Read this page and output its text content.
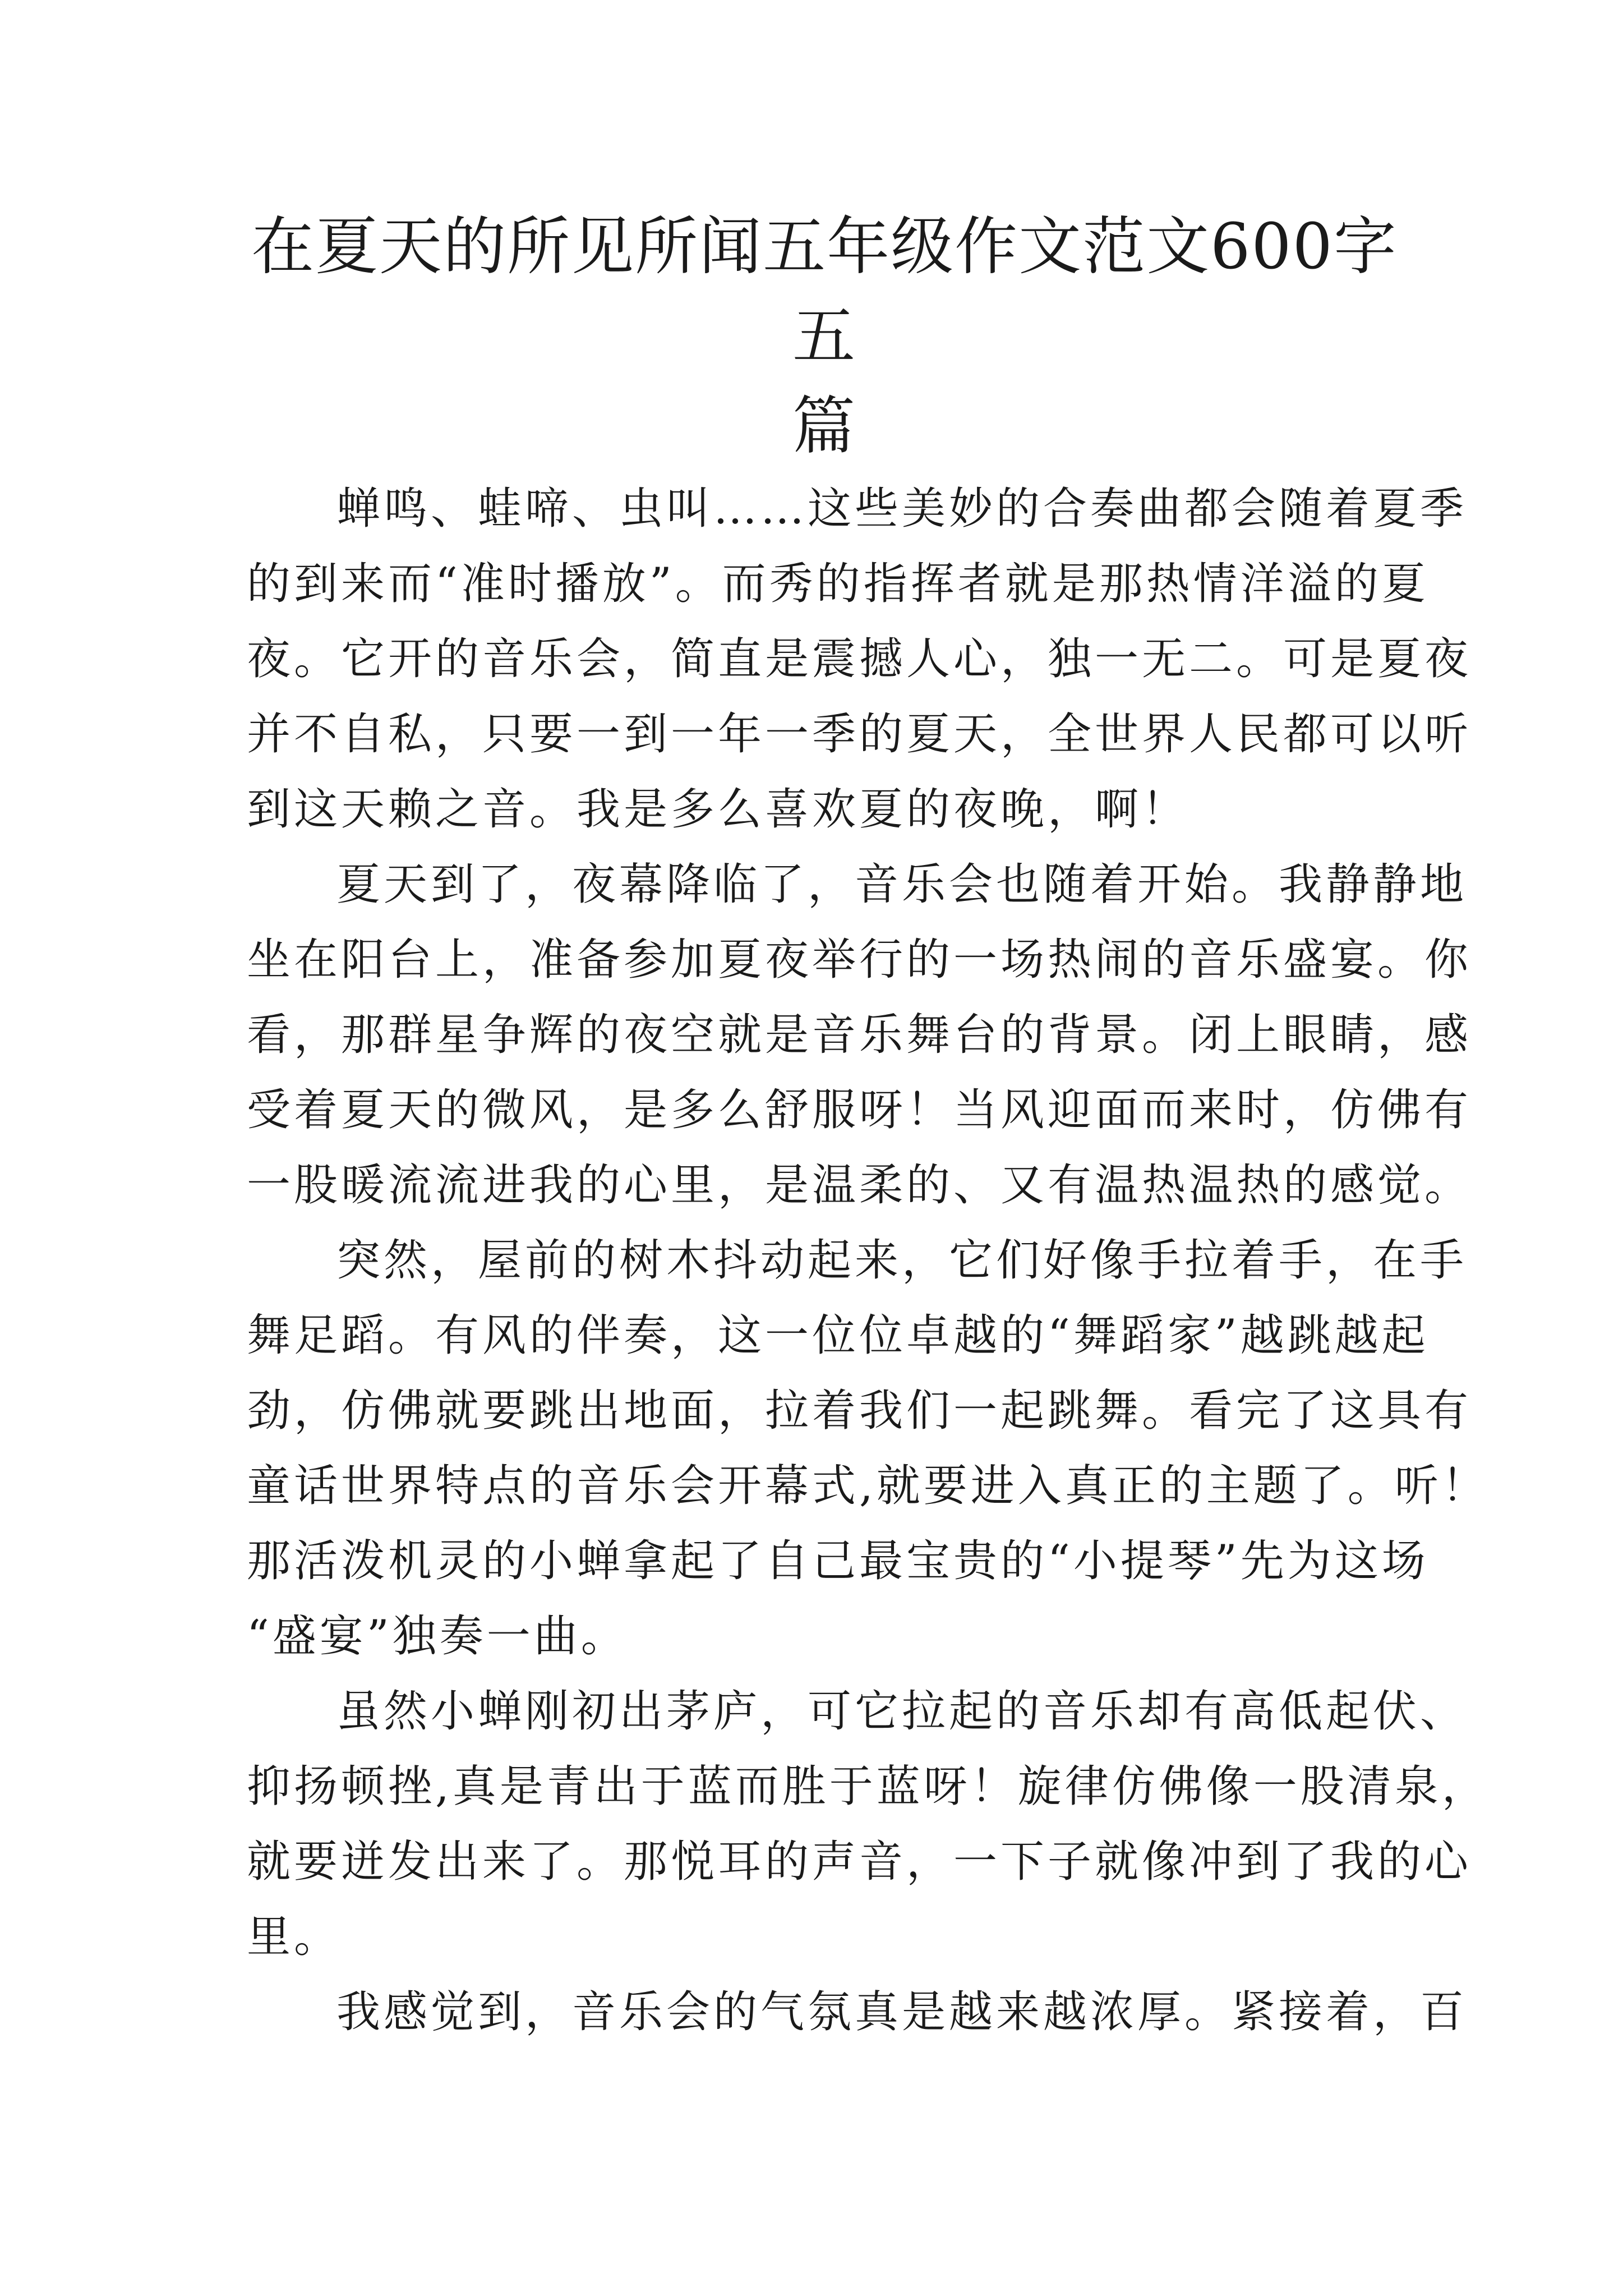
在夏天的所见所闻五年级作文范文600字五
篇
蝉鸣、蛙啼、虫叫……这些美妙的合奏曲都会随着夏季
的到来而“准时播放”。而秀的指挥者就是那热情洋溢的夏
夜。它开的音乐会，简直是震撼人心，独一无二。可是夏夜
并不自私，只要一到一年一季的夏天，全世界人民都可以听
到这天赖之音。我是多么喜欢夏的夜晚，啊！
夏天到了，夜幕降临了，音乐会也随着开始。我静静地
坐在阳台上，准备参加夏夜举行的一场热闹的音乐盛宴。你
看，那群星争辉的夜空就是音乐舞台的背景。闭上眼睛，感
受着夏天的微风，是多么舒服呀！当风迎面而来时，仿佛有
一股暖流流进我的心里，是温柔的、又有温热温热的感觉。
突然，屋前的树木抖动起来，它们好像手拉着手，在手
舞足蹈。有风的伴奏，这一位位卓越的“舞蹈家”越跳越起
劲，仿佛就要跳出地面，拉着我们一起跳舞。看完了这具有
童话世界特点的音乐会开幕式,就要进入真正的主题了。听！
那活泼机灵的小蝉拿起了自己最宝贵的“小提琴”先为这场
“盛宴”独奏一曲。
虽然小蝉刚初出茅庐，可它拉起的音乐却有高低起伏、
抑扬顿挫,真是青出于蓝而胜于蓝呀！旋律仿佛像一股清泉，
就要迸发出来了。那悦耳的声音，一下子就像冲到了我的心
里。
我感觉到，音乐会的气氛真是越来越浓厚。紧接着，百
